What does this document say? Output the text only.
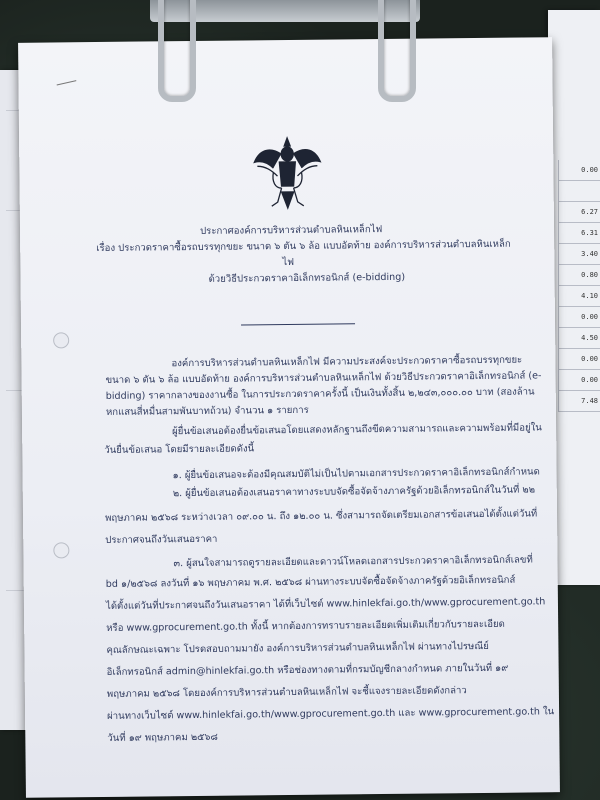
0.00
6.27
6.31
3.40
0.80
4.10
0.00
4.50
0.00
0.00
7.48
ประกาศองค์การบริหารส่วนตำบลหินเหล็กไฟ
เรื่อง ประกวดราคาซื้อรถบรรทุกขยะ ขนาด ๖ ตัน ๖ ล้อ แบบอัดท้าย องค์การบริหารส่วนตำบลหินเหล็ก
ไฟ
ด้วยวิธีประกวดราคาอิเล็กทรอนิกส์ (e-bidding)
องค์การบริหารส่วนตำบลหินเหล็กไฟ มีความประสงค์จะประกวดราคาซื้อรถบรรทุกขยะ
ขนาด ๖ ตัน ๖ ล้อ แบบอัดท้าย องค์การบริหารส่วนตำบลหินเหล็กไฟ ด้วยวิธีประกวดราคาอิเล็กทรอนิกส์ (e-
bidding) ราคากลางของงานซื้อ ในการประกวดราคาครั้งนี้ เป็นเงินทั้งสิ้น ๒,๒๔๓,๐๐๐.๐๐ บาท (สองล้าน
หกแสนสี่หมื่นสามพันบาทถ้วน) จำนวน ๑ รายการ
ผู้ยื่นข้อเสนอต้องยื่นข้อเสนอโดยแสดงหลักฐานถึงขีดความสามารถและความพร้อมที่มีอยู่ใน
วันยื่นข้อเสนอ โดยมีรายละเอียดดังนี้
๑. ผู้ยื่นข้อเสนอจะต้องมีคุณสมบัติไม่เป็นไปตามเอกสารประกวดราคาอิเล็กทรอนิกส์กำหนด
๒. ผู้ยื่นข้อเสนอต้องเสนอราคาทางระบบจัดซื้อจัดจ้างภาครัฐด้วยอิเล็กทรอนิกส์ในวันที่ ๒๒
พฤษภาคม ๒๕๖๘ ระหว่างเวลา ๐๙.๐๐ น. ถึง ๑๒.๐๐ น. ซึ่งสามารถจัดเตรียมเอกสารข้อเสนอได้ตั้งแต่วันที่
ประกาศจนถึงวันเสนอราคา
๓. ผู้สนใจสามารถดูรายละเอียดและดาวน์โหลดเอกสารประกวดราคาอิเล็กทรอนิกส์เลขที่
bd ๑/๒๕๖๘ ลงวันที่ ๑๖ พฤษภาคม พ.ศ. ๒๕๖๘ ผ่านทางระบบจัดซื้อจัดจ้างภาครัฐด้วยอิเล็กทรอนิกส์
ได้ตั้งแต่วันที่ประกาศจนถึงวันเสนอราคา ได้ที่เว็บไซต์ www.hinlekfai.go.th/www.gprocurement.go.th
หรือ www.gprocurement.go.th ทั้งนี้ หากต้องการทราบรายละเอียดเพิ่มเติมเกี่ยวกับรายละเอียด
คุณลักษณะเฉพาะ โปรดสอบถามมายัง องค์การบริหารส่วนตำบลหินเหล็กไฟ ผ่านทางไปรษณีย์
อิเล็กทรอนิกส์ admin@hinlekfai.go.th หรือช่องทางตามที่กรมบัญชีกลางกำหนด ภายในวันที่ ๑๙
พฤษภาคม ๒๕๖๘ โดยองค์การบริหารส่วนตำบลหินเหล็กไฟ จะชี้แจงรายละเอียดดังกล่าว
ผ่านทางเว็บไซต์ www.hinlekfai.go.th/www.gprocurement.go.th และ www.gprocurement.go.th ใน
วันที่ ๑๙ พฤษภาคม ๒๕๖๘
